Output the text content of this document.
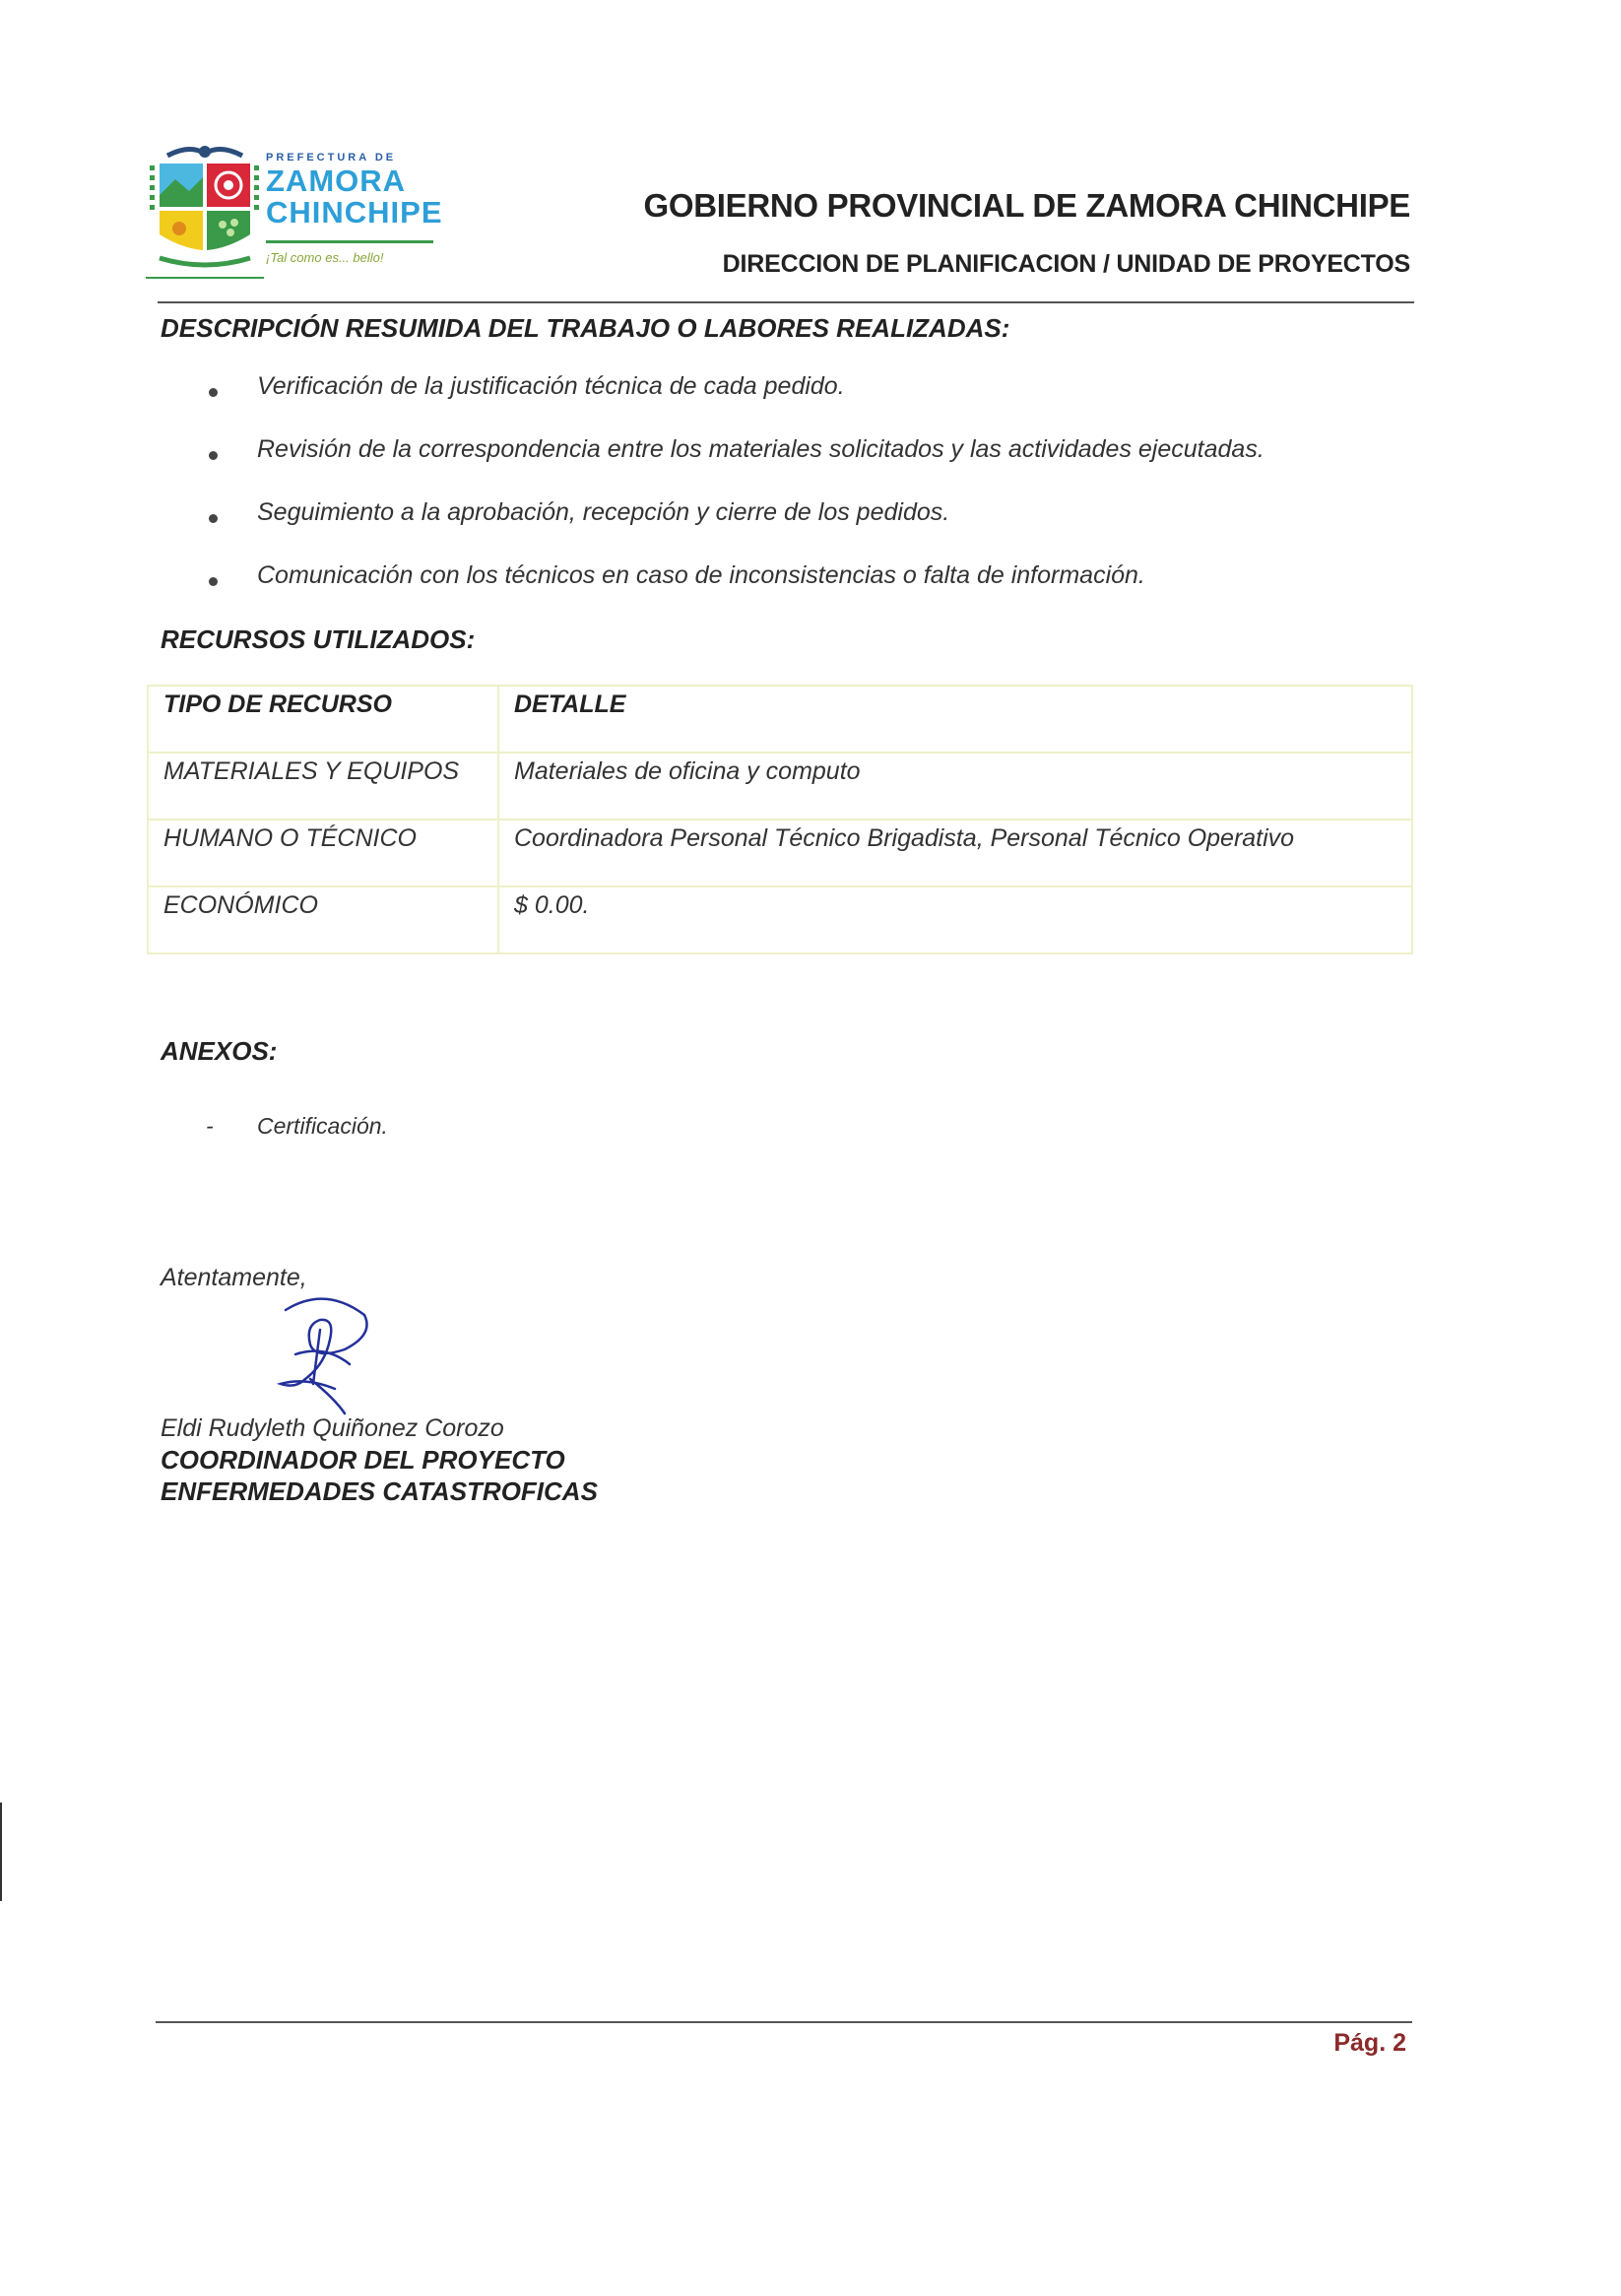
PREFECTURA DE
ZAMORA
CHINCHIPE
¡Tal como es... bello!
GOBIERNO PROVINCIAL DE ZAMORA CHINCHIPE
DIRECCION DE PLANIFICACION / UNIDAD DE PROYECTOS
DESCRIPCIÓN RESUMIDA DEL TRABAJO O LABORES REALIZADAS:
Verificación de la justificación técnica de cada pedido.
Revisión de la correspondencia entre los materiales solicitados y las actividades ejecutadas.
Seguimiento a la aprobación, recepción y cierre de los pedidos.
Comunicación con los técnicos en caso de inconsistencias o falta de información.
RECURSOS UTILIZADOS:
TIPO DE RECURSO	DETALLE
MATERIALES Y EQUIPOS	Materiales de oficina y computo
HUMANO O TÉCNICO	Coordinadora Personal Técnico Brigadista, Personal Técnico Operativo
ECONÓMICO	$ 0.00.
ANEXOS:
- Certificación.
Atentamente,
Eldi Rudyleth Quiñonez Corozo
COORDINADOR DEL PROYECTO
ENFERMEDADES CATASTROFICAS
Pág. 2
